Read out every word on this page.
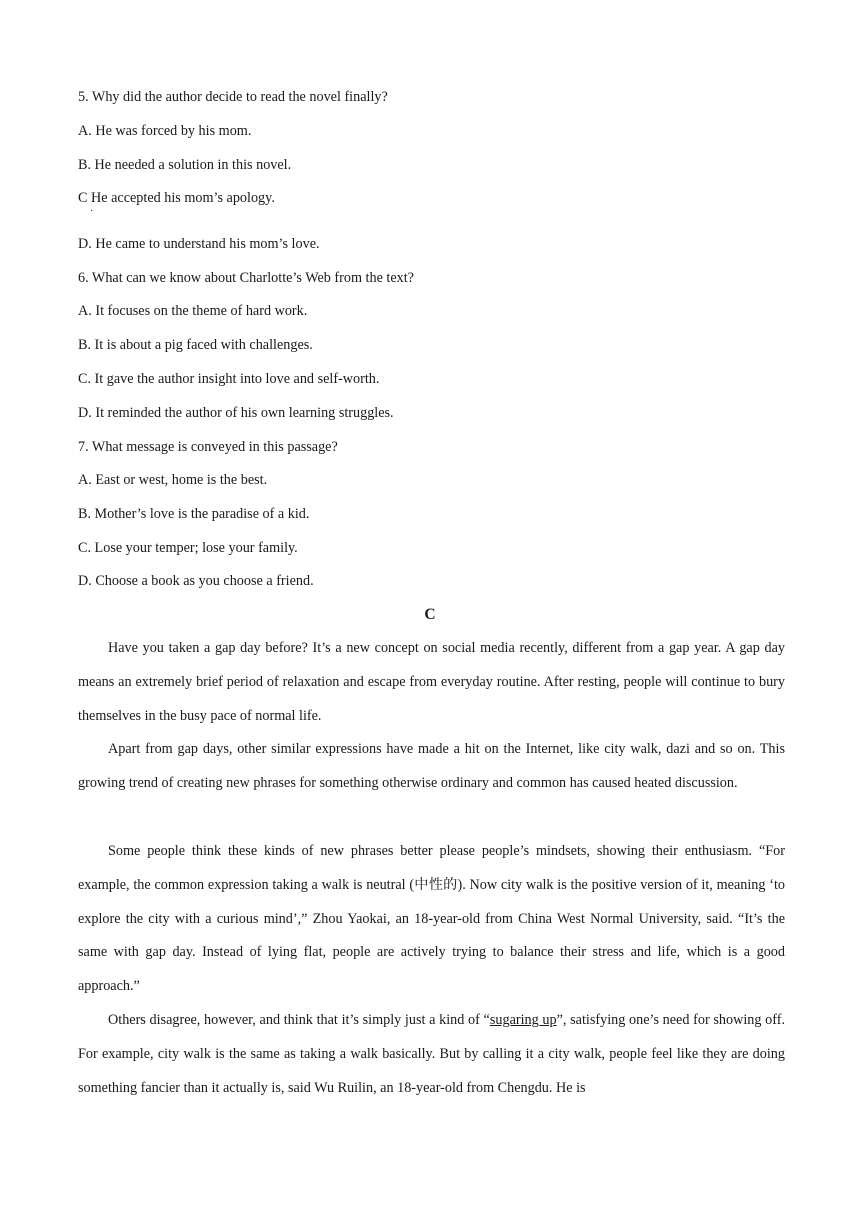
5. Why did the author decide to read the novel finally?
A. He was forced by his mom.
B. He needed a solution in this novel.
C He accepted his mom’s apology.
·
D. He came to understand his mom’s love.
6. What can we know about Charlotte’s Web from the text?
A. It focuses on the theme of hard work.
B. It is about a pig faced with challenges.
C. It gave the author insight into love and self-worth.
D. It reminded the author of his own learning struggles.
7. What message is conveyed in this passage?
A. East or west, home is the best.
B. Mother’s love is the paradise of a kid.
C. Lose your temper; lose your family.
D. Choose a book as you choose a friend.
C

Have you taken a gap day before? It’s a new concept on social media recently, different from a gap year. A gap day means an extremely brief period of relaxation and escape from everyday routine. After resting, people will continue to bury themselves in the busy pace of normal life.

Apart from gap days, other similar expressions have made a hit on the Internet, like city walk, dazi and so on. This growing trend of creating new phrases for something otherwise ordinary and common has caused heated discussion.

Some people think these kinds of new phrases better please people’s mindsets, showing their enthusiasm. “For example, the common expression taking a walk is neutral (中性的). Now city walk is the positive version of it, meaning ‘to explore the city with a curious mind’,” Zhou Yaokai, an 18-year-old from China West Normal University, said. “It’s the same with gap day. Instead of lying flat, people are actively trying to balance their stress and life, which is a good approach.”

Others disagree, however, and think that it’s simply just a kind of “sugaring up”, satisfying one’s need for showing off. For example, city walk is the same as taking a walk basically. But by calling it a city walk, people feel like they are doing something fancier than it actually is, said Wu Ruilin, an 18-year-old from Chengdu. He is
